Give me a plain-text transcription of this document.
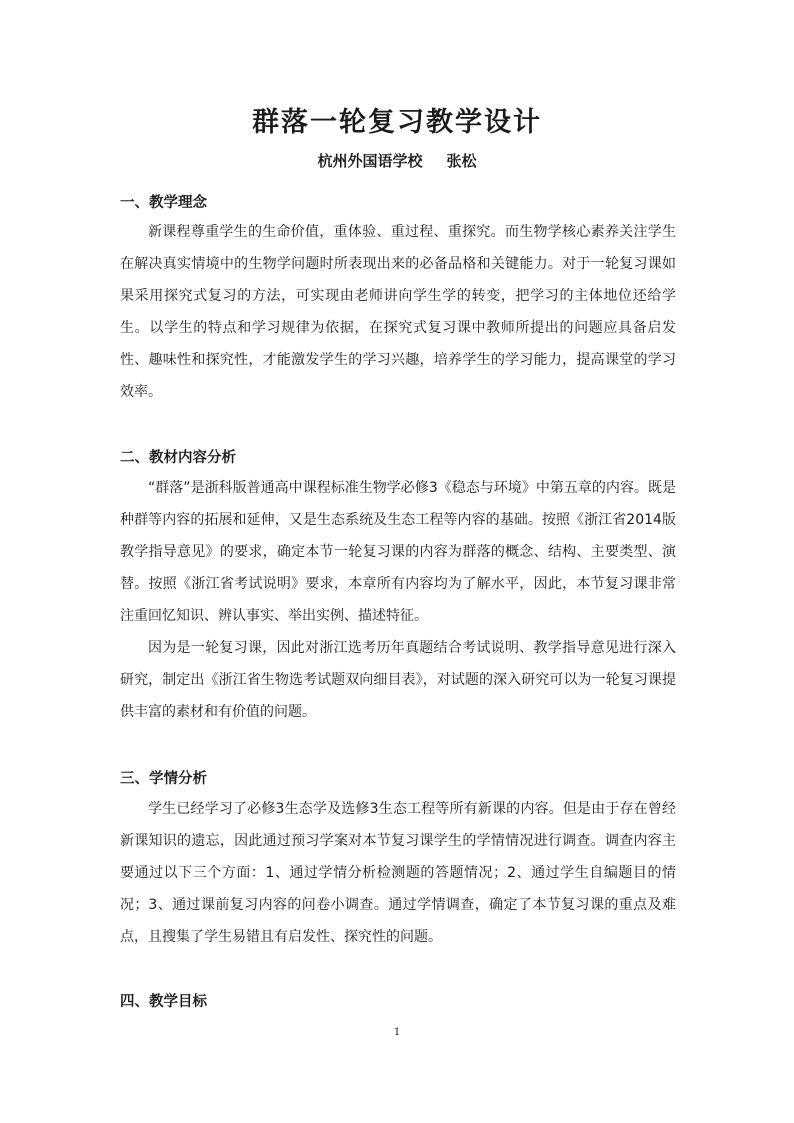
群落一轮复习教学设计
杭州外国语学校 张松
一、教学理念
新课程尊重学生的生命价值，重体验、重过程、重探究。而生物学核心素养关注学生在解决真实情境中的生物学问题时所表现出来的必备品格和关键能力。对于一轮复习课如果采用探究式复习的方法，可实现由老师讲向学生学的转变，把学习的主体地位还给学生。以学生的特点和学习规律为依据，在探究式复习课中教师所提出的问题应具备启发性、趣味性和探究性，才能激发学生的学习兴趣，培养学生的学习能力，提高课堂的学习效率。
二、教材内容分析
“群落”是浙科版普通高中课程标准生物学必修3《稳态与环境》中第五章的内容。既是种群等内容的拓展和延伸，又是生态系统及生态工程等内容的基础。按照《浙江省2014版教学指导意见》的要求，确定本节一轮复习课的内容为群落的概念、结构、主要类型、演替。按照《浙江省考试说明》要求，本章所有内容均为了解水平，因此，本节复习课非常注重回忆知识、辨认事实、举出实例、描述特征。
因为是一轮复习课，因此对浙江选考历年真题结合考试说明、教学指导意见进行深入研究，制定出《浙江省生物选考试题双向细目表》，对试题的深入研究可以为一轮复习课提供丰富的素材和有价值的问题。
三、学情分析
学生已经学习了必修3生态学及选修3生态工程等所有新课的内容。但是由于存在曾经新课知识的遗忘，因此通过预习学案对本节复习课学生的学情情况进行调查。调查内容主要通过以下三个方面：1、通过学情分析检测题的答题情况；2、通过学生自编题目的情况；3、通过课前复习内容的问卷小调查。通过学情调查，确定了本节复习课的重点及难点，且搜集了学生易错且有启发性、探究性的问题。
四、教学目标
1
